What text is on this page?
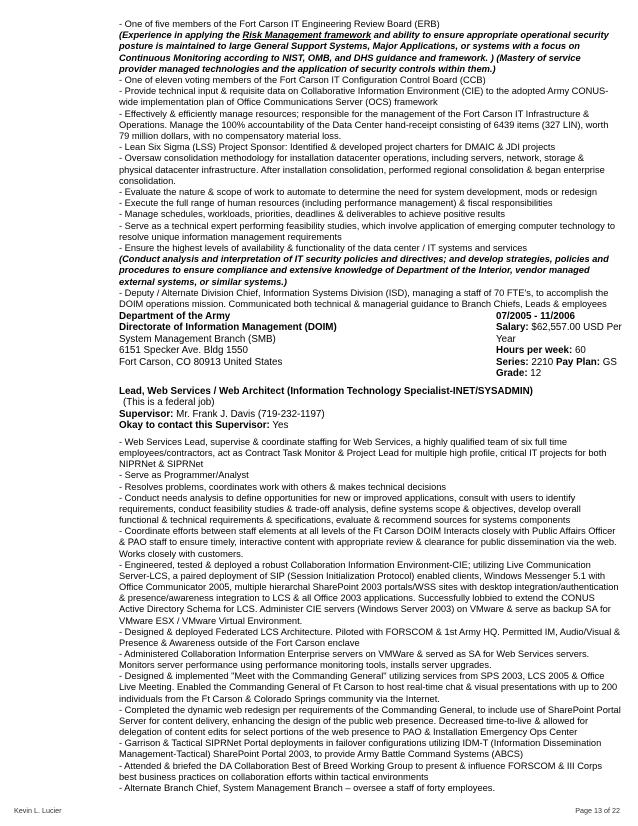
- One of five members of the Fort Carson IT Engineering Review Board (ERB)

(Experience in applying the Risk Management framework and ability to ensure appropriate operational security posture is maintained to large General Support Systems, Major Applications, or systems with a focus on Continuous Monitoring according to NIST, OMB, and DHS guidance and framework. ) (Mastery of service provider managed technologies and the application of security controls within them.)

- One of eleven voting members of the Fort Carson IT Configuration Control Board (CCB)

- Provide technical input & requisite data on Collaborative Information Environment (CIE) to the adopted Army CONUS-wide implementation plan of Office Communications Server (OCS) framework

- Effectively & efficiently manage resources; responsible for the management of the Fort Carson IT Infrastructure & Operations. Manage the 100% accountability of the Data Center hand-receipt consisting of 6439 items (327 LIN), worth 79 million dollars, with no compensatory material loss.

- Lean Six Sigma (LSS) Project Sponsor: Identified & developed project charters for DMAIC & JDI projects

- Oversaw consolidation methodology for installation datacenter operations, including servers, network, storage & physical datacenter infrastructure. After installation consolidation, performed regional consolidation & began enterprise consolidation.

- Evaluate the nature & scope of work to automate to determine the need for system development, mods or redesign

- Execute the full range of human resources (including performance management) & fiscal responsibilities

- Manage schedules, workloads, priorities, deadlines & deliverables to achieve positive results

- Serve as a technical expert performing feasibility studies, which involve application of emerging computer technology to resolve unique information management requirements

- Ensure the highest levels of availability & functionality of the data center / IT systems and services

(Conduct analysis and interpretation of IT security policies and directives; and develop strategies, policies and procedures to ensure compliance and extensive knowledge of Department of the Interior, vendor managed external systems, or similar systems.)

- Deputy / Alternate Division Chief, Information Systems Division (ISD), managing a staff of 70 FTE's, to accomplish the DOIM operations mission. Communicated both technical & managerial guidance to Branch Chiefs, Leads & employees

Department of the Army

Directorate of Information Management (DOIM)

System Management Branch (SMB)

6151 Specker Ave. Bldg 1550

Fort Carson, CO 80913 United States

07/2005 - 11/2006

Salary: $62,557.00 USD Per Year

Hours per week: 60

Series: 2210 Pay Plan: GS

Grade: 12

Lead, Web Services / Web Architect (Information Technology Specialist-INET/SYSADMIN)

(This is a federal job)

Supervisor: Mr. Frank J. Davis (719-232-1197)

Okay to contact this Supervisor: Yes

- Web Services Lead, supervise & coordinate staffing for Web Services, a highly qualified team of six full time employees/contractors, act as Contract Task Monitor & Project Lead for multiple high profile, critical IT projects for both NIPRNet & SIPRNet

- Serve as Programmer/Analyst

- Resolves problems, coordinates work with others & makes technical decisions

- Conduct needs analysis to define opportunities for new or improved applications, consult with users to identify requirements, conduct feasibility studies & trade-off analysis, define systems scope & objectives, develop overall functional & technical requirements & specifications, evaluate & recommend sources for systems components

- Coordinate efforts between staff elements at all levels of the Ft Carson DOIM Interacts closely with Public Affairs Officer & PAO staff to ensure timely, interactive content with appropriate review & clearance for public dissemination via the web. Works closely with customers.

- Engineered, tested & deployed a robust Collaboration Information Environment-CIE; utilizing Live Communication Server-LCS, a paired deployment of SIP (Session Initialization Protocol) enabled clients, Windows Messenger 5.1 with Office Communicator 2005, multiple hierarchal SharePoint 2003 portals/WSS sites with desktop integration/authentication & presence/awareness integration to LCS & all Office 2003 applications. Successfully lobbied to extend the CONUS Active Directory Schema for LCS. Administer CIE servers (Windows Server 2003) on VMware & serve as backup SA for VMware ESX / VMware Virtual Environment.

- Designed & deployed Federated LCS Architecture. Piloted with FORSCOM & 1st Army HQ. Permitted IM, Audio/Visual & Presence & Awareness outside of the Fort Carson enclave

- Administered Collaboration Information Enterprise servers on VMWare & served as SA for Web Services servers. Monitors server performance using performance monitoring tools, installs server upgrades.

- Designed & implemented "Meet with the Commanding General" utilizing services from SPS 2003, LCS 2005 & Office Live Meeting. Enabled the Commanding General of Ft Carson to host real-time chat & visual presentations with up to 200 individuals from the Ft Carson & Colorado Springs community via the Internet.

- Completed the dynamic web redesign per requirements of the Commanding General, to include use of SharePoint Portal Server for content delivery, enhancing the design of the public web presence. Decreased time-to-live & allowed for delegation of content edits for select portions of the web presence to PAO & Installation Emergency Ops Center

- Garrison & Tactical SIPRNet Portal deployments in failover configurations utilizing IDM-T (Information Dissemination Management-Tactical) SharePoint Portal 2003, to provide Army Battle Command Systems (ABCS)

- Attended & briefed the DA Collaboration Best of Breed Working Group to present & influence FORSCOM & III Corps best business practices on collaboration efforts within tactical environments

- Alternate Branch Chief, System Management Branch – oversee a staff of forty employees.

Kevin L. Lucier	Page 13 of 22
